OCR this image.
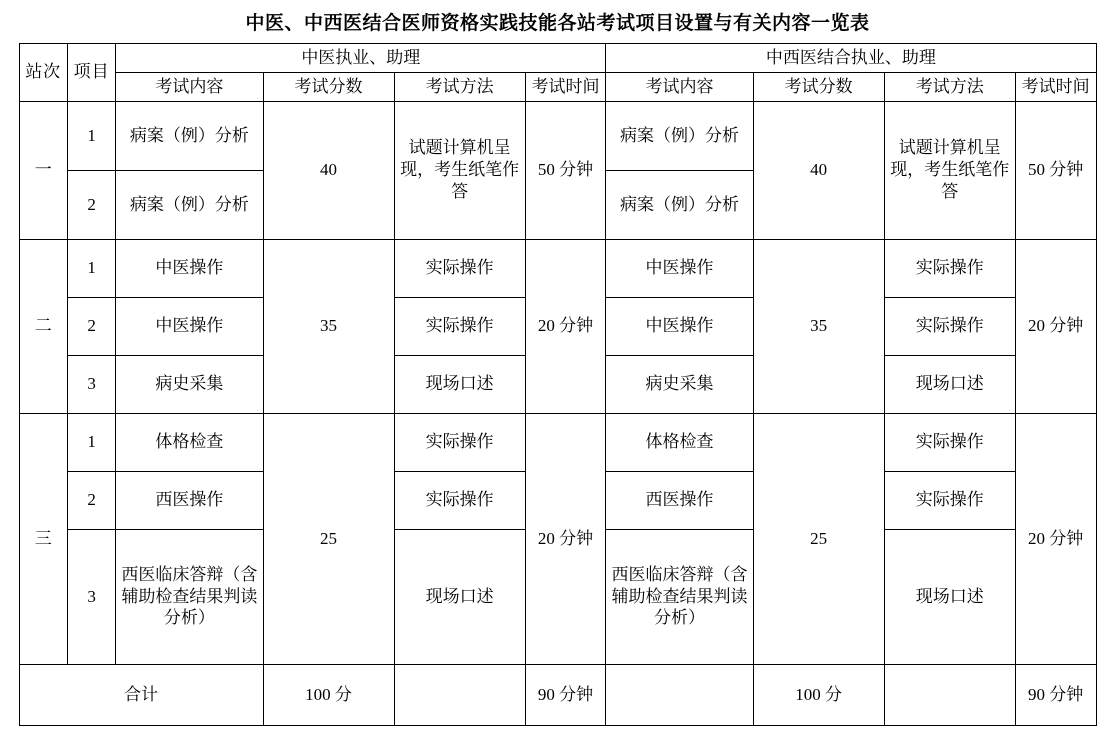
中医、中西医结合医师资格实践技能各站考试项目设置与有关内容一览表
站次	项目	中医执业、助理				中西医结合执业、助理			
		考试内容	考试分数	考试方法	考试时间	考试内容	考试分数	考试方法	考试时间
一	1	病案（例）分析	40	试题计算机呈现，考生纸笔作答	50 分钟	病案（例）分析	40	试题计算机呈现，考生纸笔作答	50 分钟
	2	病案（例）分析				病案（例）分析			
二	1	中医操作	35	实际操作	20 分钟	中医操作	35	实际操作	20 分钟
	2	中医操作		实际操作		中医操作		实际操作	
	3	病史采集		现场口述		病史采集		现场口述	
三	1	体格检查	25	实际操作	20 分钟	体格检查	25	实际操作	20 分钟
	2	西医操作		实际操作		西医操作		实际操作	
	3	西医临床答辩（含辅助检查结果判读分析）		现场口述		西医临床答辩（含辅助检查结果判读分析）		现场口述	
合计			100 分		90 分钟		100 分		90 分钟
